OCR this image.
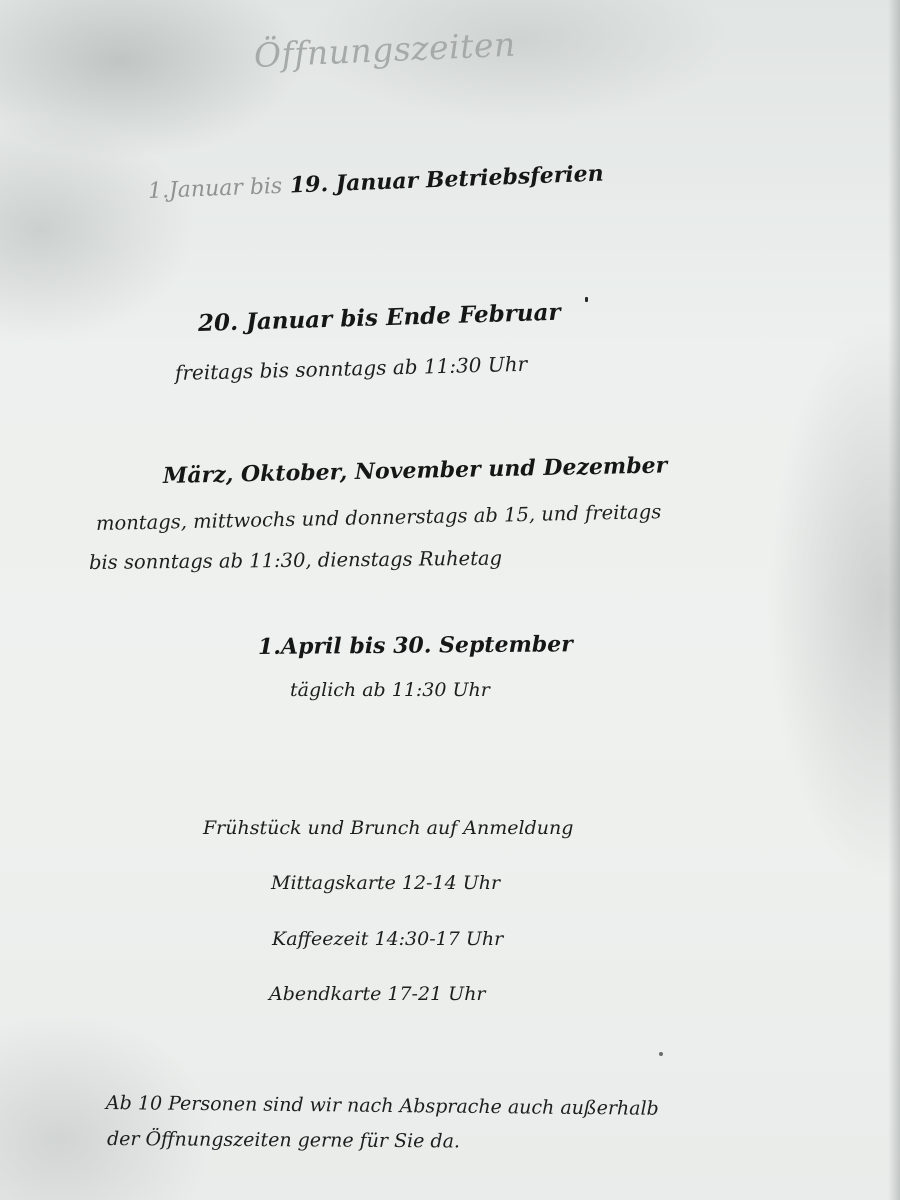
Öffnungszeiten

1.Januar bis 19. Januar Betriebsferien

20. Januar bis Ende Februar

freitags bis sonntags ab 11:30 Uhr

März, Oktober, November und Dezember

montags, mittwochs und donnerstags ab 15, und freitags

bis sonntags ab 11:30, dienstags Ruhetag

1.April bis 30. September

täglich ab 11:30 Uhr

Frühstück und Brunch auf Anmeldung

Mittagskarte 12-14 Uhr

Kaffeezeit 14:30-17 Uhr

Abendkarte 17-21 Uhr

Ab 10 Personen sind wir nach Absprache auch außerhalb

der Öffnungszeiten gerne für Sie da.
